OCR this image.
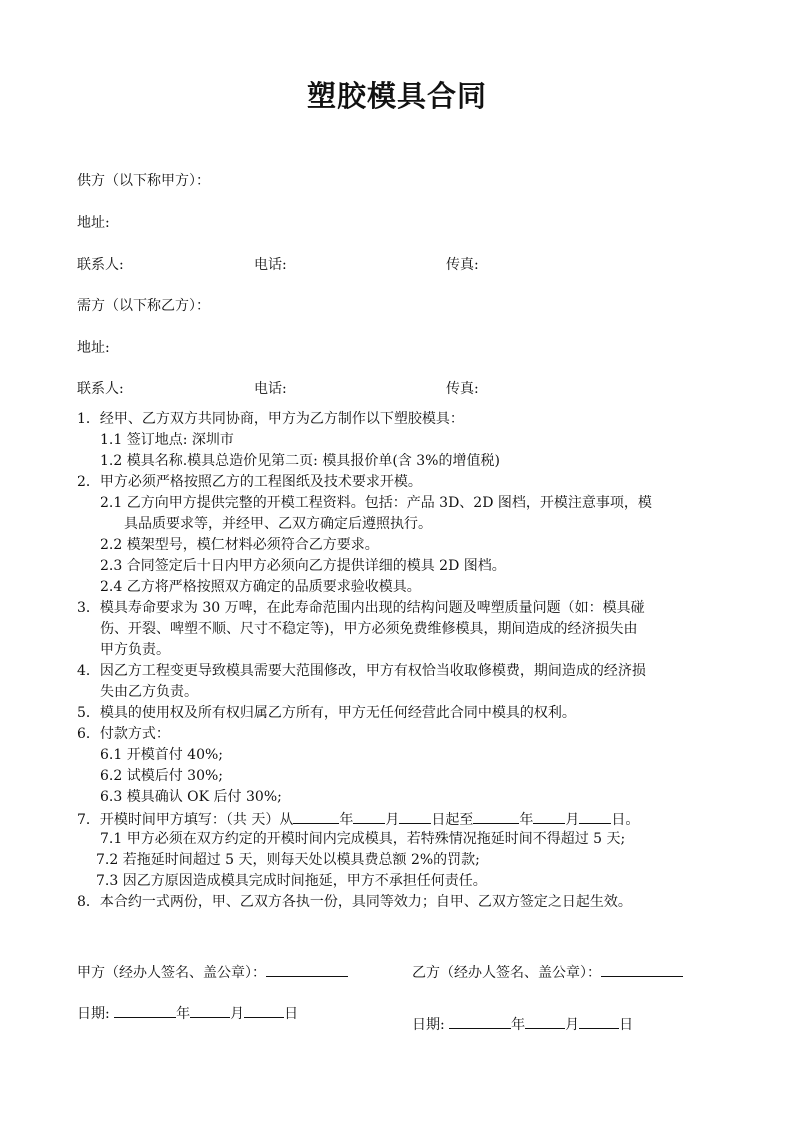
塑胶模具合同
供方（以下称甲方）：
地址:
联系人:	电话:	传真:
需方（以下称乙方）：
地址:
联系人:	电话:	传真:
1．经甲、乙方双方共同协商，甲方为乙方制作以下塑胶模具：
1.1 签订地点: 深圳市
1.2 模具名称.模具总造价见第二页: 模具报价单(含 3%的增值税)
2．甲方必须严格按照乙方的工程图纸及技术要求开模。
2.1 乙方向甲方提供完整的开模工程资料。包括：产品 3D、2D 图档，开模注意事项，模
具品质要求等，并经甲、乙双方确定后遵照执行。
2.2 模架型号，模仁材料必须符合乙方要求。
2.3 合同签定后十日内甲方必须向乙方提供详细的模具 2D 图档。
2.4 乙方将严格按照双方确定的品质要求验收模具。
3．模具寿命要求为 30 万啤，在此寿命范围内出现的结构问题及啤塑质量问题（如：模具碰
伤、开裂、啤塑不顺、尺寸不稳定等)，甲方必须免费维修模具，期间造成的经济损失由
甲方负责。
4．因乙方工程变更导致模具需要大范围修改，甲方有权恰当收取修模费，期间造成的经济损
失由乙方负责。
5．模具的使用权及所有权归属乙方所有，甲方无任何经营此合同中模具的权利。
6．付款方式：
6.1 开模首付 40%;
6.2 试模后付 30%;
6.3 模具确认 OK 后付 30%;
7．开模时间甲方填写：（共 天）从	年 月 日起至	年 月 日。
7.1 甲方必须在双方约定的开模时间内完成模具，若特殊情况拖延时间不得超过 5 天;
7.2 若拖延时间超过 5 天，则每天处以模具费总额 2%的罚款;
7.3 因乙方原因造成模具完成时间拖延，甲方不承担任何责任。
8．本合约一式两份，甲、乙双方各执一份，具同等效力；自甲、乙双方签定之日起生效。
甲方（经办人签名、盖公章）：	乙方（经办人签名、盖公章）：
日期:	年	月	日
日期:	年	月	日
